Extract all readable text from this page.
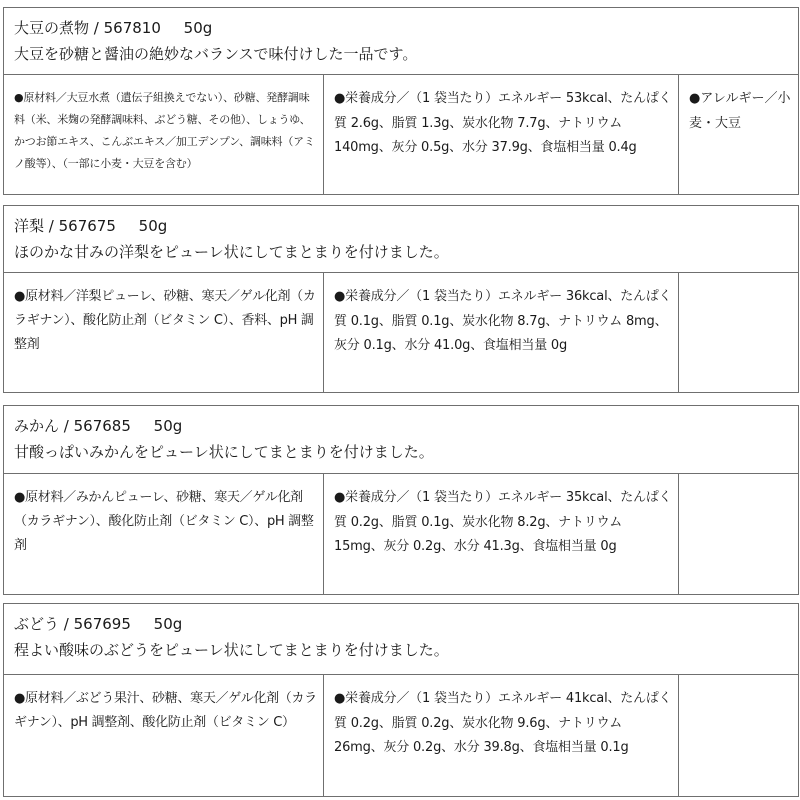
大豆の煮物 / 567810 50g
大豆を砂糖と醤油の絶妙なバランスで味付けした一品です。
●原材料／大豆水煮（遺伝子組換えでない）、砂糖、発酵調味料（米、米麹の発酵調味料、ぶどう糖、その他）、しょうゆ、かつお節エキス、こんぶエキス／加工デンプン、調味料（アミノ酸等）、（一部に小麦・大豆を含む）
●栄養成分／（1 袋当たり）エネルギー 53kcal、たんぱく質 2.6g、脂質 1.3g、炭水化物 7.7g、ナトリウム 140mg、灰分 0.5g、水分 37.9g、食塩相当量 0.4g
●アレルギー／小麦・大豆
洋梨 / 567675 50g
ほのかな甘みの洋梨をピューレ状にしてまとまりを付けました。
●原材料／洋梨ピューレ、砂糖、寒天／ゲル化剤（カラギナン）、酸化防止剤（ビタミン C）、香料、pH 調整剤
●栄養成分／（1 袋当たり）エネルギー 36kcal、たんぱく質 0.1g、脂質 0.1g、炭水化物 8.7g、ナトリウム 8mg、灰分 0.1g、水分 41.0g、食塩相当量 0g
みかん / 567685 50g
甘酸っぱいみかんをピューレ状にしてまとまりを付けました。
●原材料／みかんピューレ、砂糖、寒天／ゲル化剤（カラギナン）、酸化防止剤（ビタミン C）、pH 調整剤
●栄養成分／（1 袋当たり）エネルギー 35kcal、たんぱく質 0.2g、脂質 0.1g、炭水化物 8.2g、ナトリウム 15mg、灰分 0.2g、水分 41.3g、食塩相当量 0g
ぶどう / 567695 50g
程よい酸味のぶどうをピューレ状にしてまとまりを付けました。
●原材料／ぶどう果汁、砂糖、寒天／ゲル化剤（カラギナン）、pH 調整剤、酸化防止剤（ビタミン C）
●栄養成分／（1 袋当たり）エネルギー 41kcal、たんぱく質 0.2g、脂質 0.2g、炭水化物 9.6g、ナトリウム 26mg、灰分 0.2g、水分 39.8g、食塩相当量 0.1g
